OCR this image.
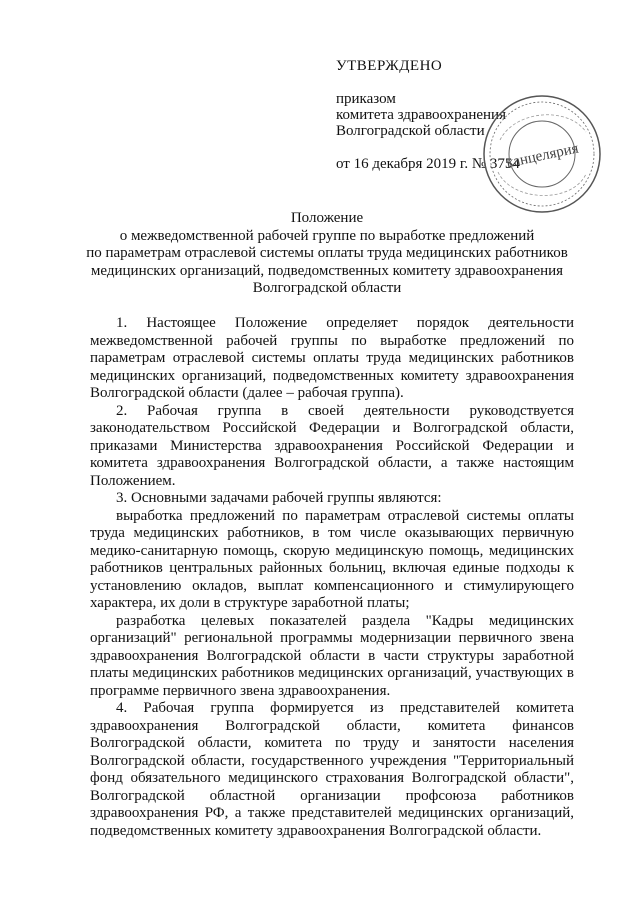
УТВЕРЖДЕНО
приказом
комитета здравоохранения
Волгоградской области
от 16 декабря 2019 г. № 3754
канцелярия
Положение
о межведомственной рабочей группе по выработке предложений
по параметрам отраслевой системы оплаты труда медицинских работников
медицинских организаций, подведомственных комитету здравоохранения
Волгоградской области

1. Настоящее Положение определяет порядок деятельности межведомственной рабочей группы по выработке предложений по параметрам отраслевой системы оплаты труда медицинских работников медицинских организаций, подведомственных комитету здравоохранения Волгоградской области (далее – рабочая группа).

2. Рабочая группа в своей деятельности руководствуется законодательством Российской Федерации и Волгоградской области, приказами Министерства здравоохранения Российской Федерации и комитета здравоохранения Волгоградской области, а также настоящим Положением.

3. Основными задачами рабочей группы являются:

выработка предложений по параметрам отраслевой системы оплаты труда медицинских работников, в том числе оказывающих первичную медико-санитарную помощь, скорую медицинскую помощь, медицинских работников центральных районных больниц, включая единые подходы к установлению окладов, выплат компенсационного и стимулирующего характера, их доли в структуре заработной платы;

разработка целевых показателей раздела "Кадры медицинских организаций" региональной программы модернизации первичного звена здравоохранения Волгоградской области в части структуры заработной платы медицинских работников медицинских организаций, участвующих в программе первичного звена здравоохранения.

4. Рабочая группа формируется из представителей комитета здравоохранения Волгоградской области, комитета финансов Волгоградской области, комитета по труду и занятости населения Волгоградской области, государственного учреждения "Территориальный фонд обязательного медицинского страхования Волгоградской области", Волгоградской областной организации профсоюза работников здравоохранения РФ, а также представителей медицинских организаций, подведомственных комитету здравоохранения Волгоградской области.
